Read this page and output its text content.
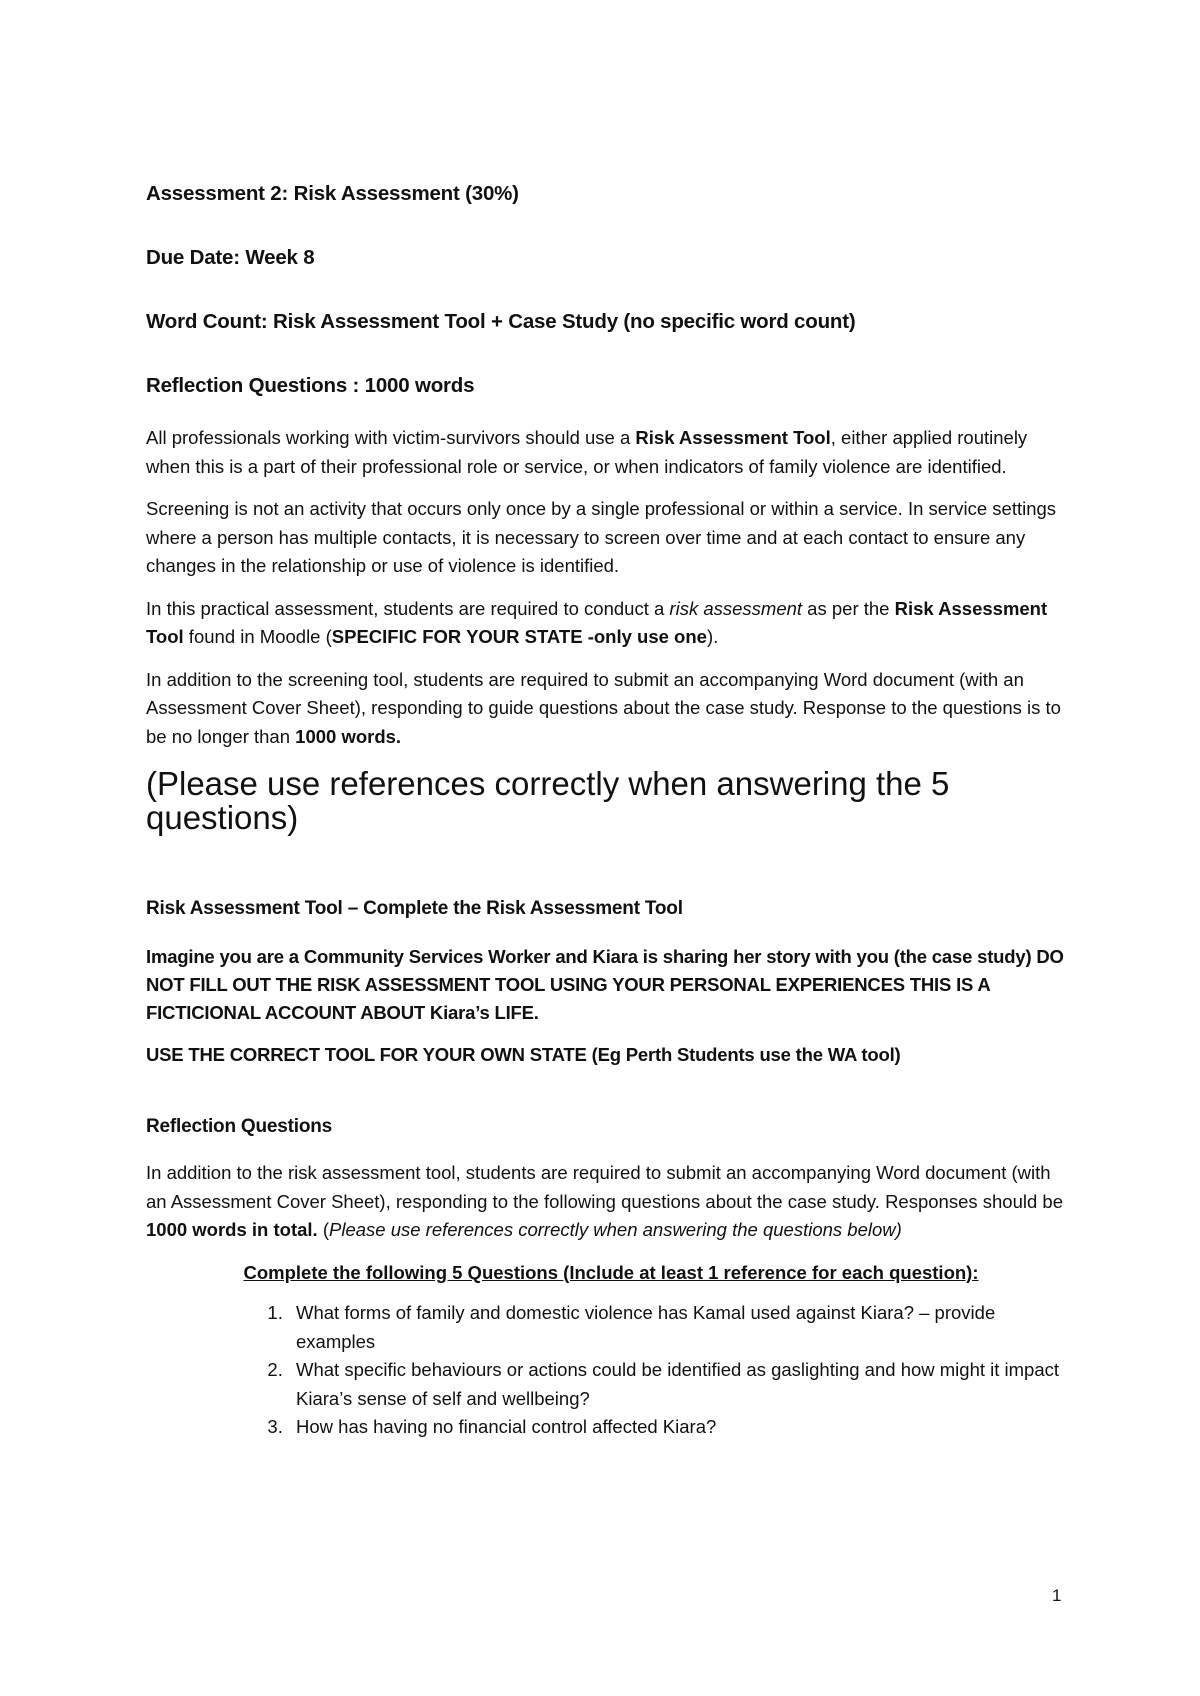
Assessment 2: Risk Assessment (30%)

Due Date: Week 8

Word Count: Risk Assessment Tool + Case Study (no specific word count)

Reflection Questions : 1000 words

All professionals working with victim-survivors should use a Risk Assessment Tool, either applied routinely when this is a part of their professional role or service, or when indicators of family violence are identified.

Screening is not an activity that occurs only once by a single professional or within a service. In service settings where a person has multiple contacts, it is necessary to screen over time and at each contact to ensure any changes in the relationship or use of violence is identified.

In this practical assessment, students are required to conduct a risk assessment as per the Risk Assessment Tool found in Moodle (SPECIFIC FOR YOUR STATE -only use one).

In addition to the screening tool, students are required to submit an accompanying Word document (with an Assessment Cover Sheet), responding to guide questions about the case study. Response to the questions is to be no longer than 1000 words.

(Please use references correctly when answering the 5 questions)

Risk Assessment Tool – Complete the Risk Assessment Tool

Imagine you are a Community Services Worker and Kiara is sharing her story with you (the case study) DO NOT FILL OUT THE RISK ASSESSMENT TOOL USING YOUR PERSONAL EXPERIENCES THIS IS A FICTICIONAL ACCOUNT ABOUT Kiara’s LIFE.

USE THE CORRECT TOOL FOR YOUR OWN STATE (Eg Perth Students use the WA tool)

Reflection Questions

In addition to the risk assessment tool, students are required to submit an accompanying Word document (with an Assessment Cover Sheet), responding to the following questions about the case study. Responses should be 1000 words in total. (Please use references correctly when answering the questions below)

Complete the following 5 Questions (Include at least 1 reference for each question):

1. What forms of family and domestic violence has Kamal used against Kiara? – provide examples
2. What specific behaviours or actions could be identified as gaslighting and how might it impact Kiara’s sense of self and wellbeing?
3. How has having no financial control affected Kiara?
1
